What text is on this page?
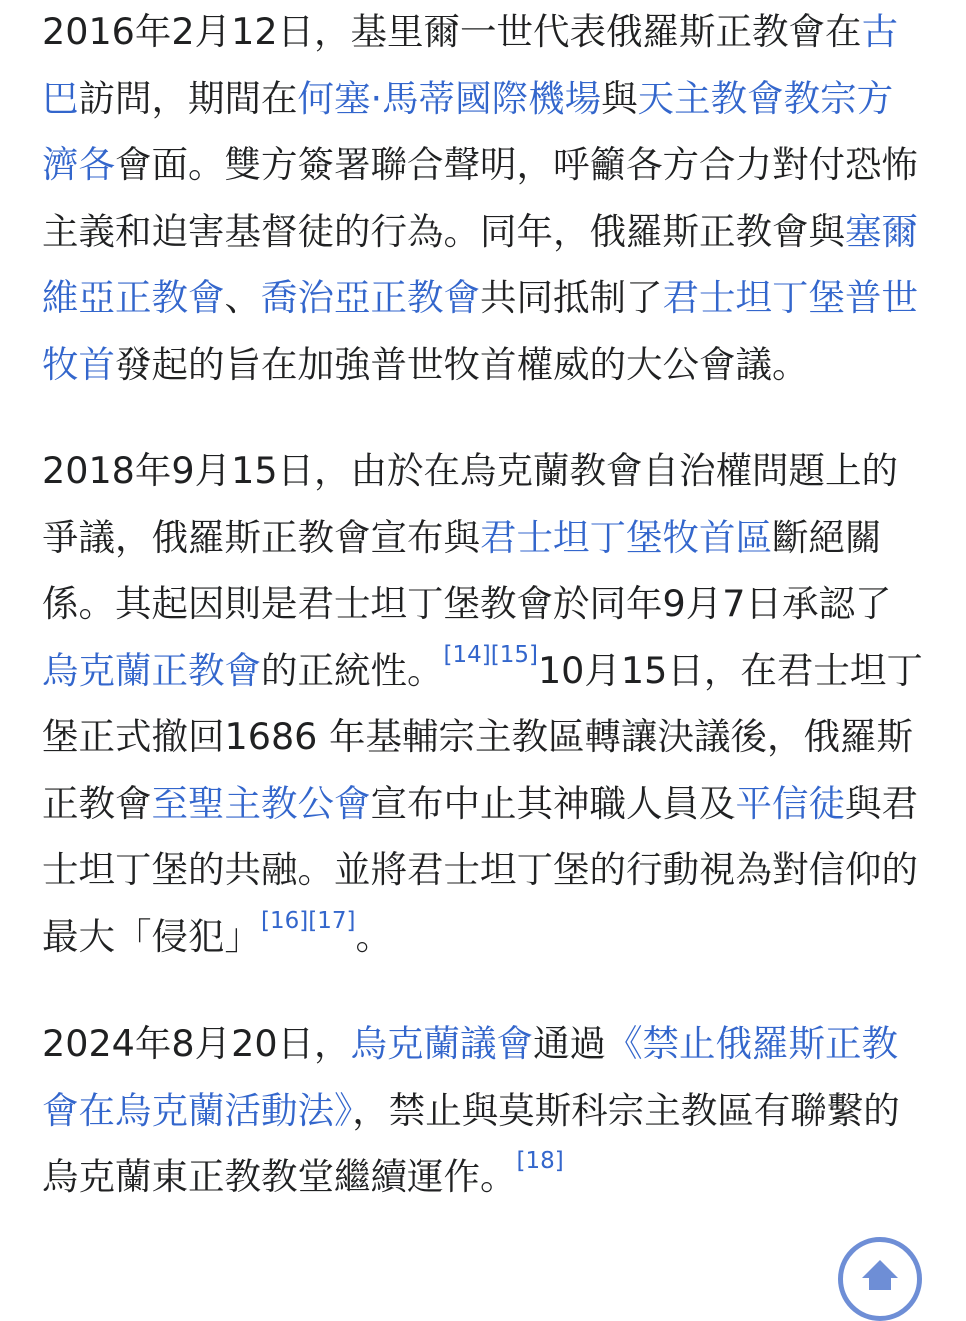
2016年2月12日，基里爾一世代表俄羅斯正教會在古巴訪問，期間在何塞·馬蒂國際機場與天主教會教宗方濟各會面。雙方簽署聯合聲明，呼籲各方合力對付恐怖主義和迫害基督徒的行為。同年，俄羅斯正教會與塞爾維亞正教會、喬治亞正教會共同抵制了君士坦丁堡普世牧首發起的旨在加強普世牧首權威的大公會議。

2018年9月15日，由於在烏克蘭教會自治權問題上的爭議，俄羅斯正教會宣布與君士坦丁堡牧首區斷絕關係。其起因則是君士坦丁堡教會於同年9月7日承認了烏克蘭正教會的正統性。[14][15]10月15日，在君士坦丁堡正式撤回1686 年基輔宗主教區轉讓決議後，俄羅斯正教會至聖主教公會宣布中止其神職人員及平信徒與君士坦丁堡的共融。並將君士坦丁堡的行動視為對信仰的最大「侵犯」[16][17]。

2024年8月20日，烏克蘭議會通過《禁止俄羅斯正教會在烏克蘭活動法》，禁止與莫斯科宗主教區有聯繫的烏克蘭東正教教堂繼續運作。[18]
